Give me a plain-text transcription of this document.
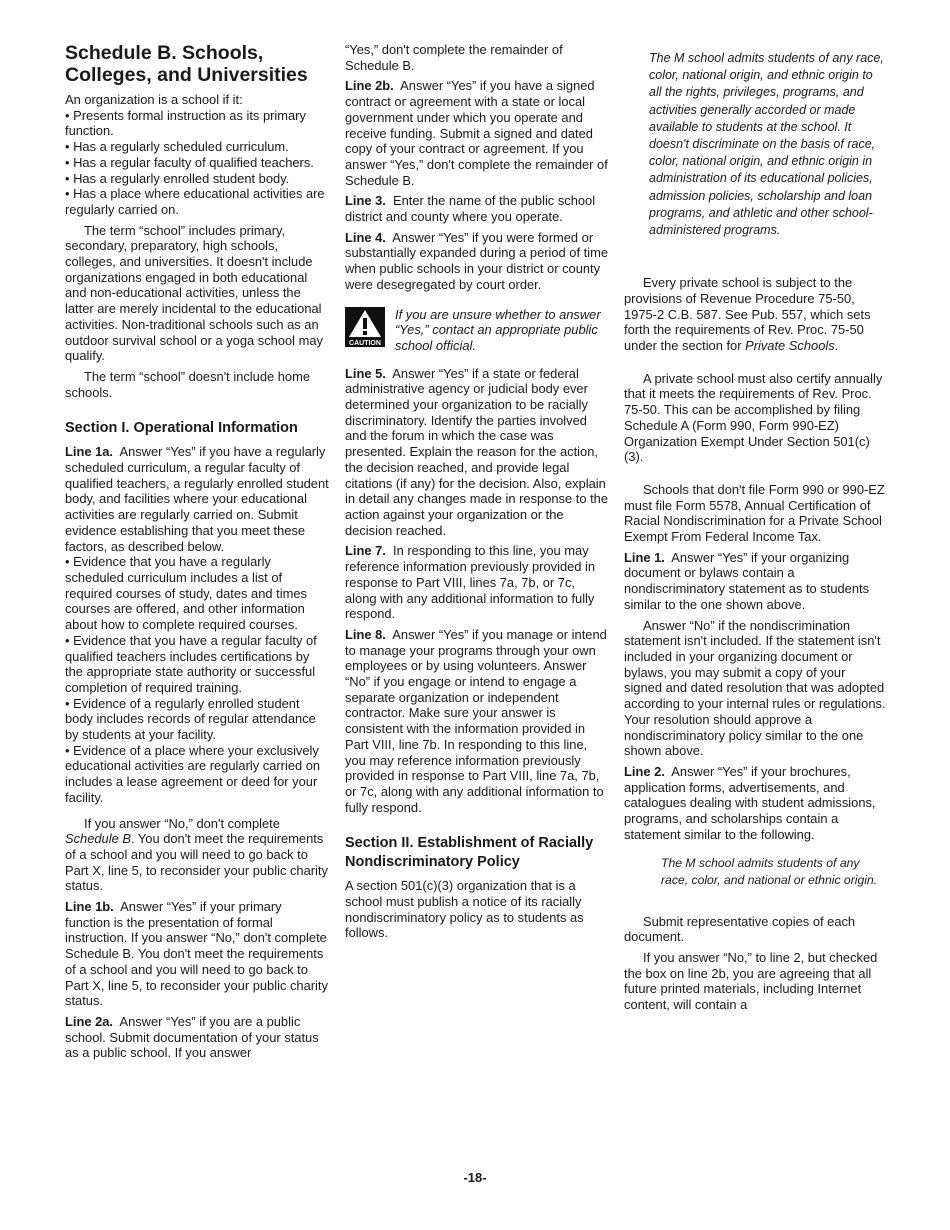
Schedule B. Schools, Colleges, and Universities

An organization is a school if it:

• Presents formal instruction as its primary function.
• Has a regularly scheduled curriculum.
• Has a regular faculty of qualified teachers.
• Has a regularly enrolled student body.
• Has a place where educational activities are regularly carried on.

The term “school” includes primary, secondary, preparatory, high schools, colleges, and universities. It doesn't include organizations engaged in both educational and non-educational activities, unless the latter are merely incidental to the educational activities. Non-traditional schools such as an outdoor survival school or a yoga school may qualify.

The term “school” doesn't include home schools.

Section I. Operational Information

Line 1a. Answer “Yes” if you have a regularly scheduled curriculum, a regular faculty of qualified teachers, a regularly enrolled student body, and facilities where your educational activities are regularly carried on. Submit evidence establishing that you meet these factors, as described below.

• Evidence that you have a regularly scheduled curriculum includes a list of required courses of study, dates and times courses are offered, and other information about how to complete required courses.
• Evidence that you have a regular faculty of qualified teachers includes certifications by the appropriate state authority or successful completion of required training.
• Evidence of a regularly enrolled student body includes records of regular attendance by students at your facility.
• Evidence of a place where your exclusively educational activities are regularly carried on includes a lease agreement or deed for your facility.

If you answer “No,” don't complete Schedule B. You don't meet the requirements of a school and you will need to go back to Part X, line 5, to reconsider your public charity status.

Line 1b. Answer “Yes” if your primary function is the presentation of formal instruction. If you answer “No,” don't complete Schedule B. You don't meet the requirements of a school and you will need to go back to Part X, line 5, to reconsider your public charity status.

Line 2a. Answer “Yes” if you are a public school. Submit documentation of your status as a public school. If you answer

“Yes,” don't complete the remainder of Schedule B.

Line 2b. Answer “Yes” if you have a signed contract or agreement with a state or local government under which you operate and receive funding. Submit a signed and dated copy of your contract or agreement. If you answer “Yes,” don't complete the remainder of Schedule B.

Line 3. Enter the name of the public school district and county where you operate.

Line 4. Answer “Yes” if you were formed or substantially expanded during a period of time when public schools in your district or county were desegregated by court order.

CAUTION
If you are unsure whether to answer “Yes,” contact an appropriate public school official.

Line 5. Answer “Yes” if a state or federal administrative agency or judicial body ever determined your organization to be racially discriminatory. Identify the parties involved and the forum in which the case was presented. Explain the reason for the action, the decision reached, and provide legal citations (if any) for the decision. Also, explain in detail any changes made in response to the action against your organization or the decision reached.

Line 7. In responding to this line, you may reference information previously provided in response to Part VIII, lines 7a, 7b, or 7c, along with any additional information to fully respond.

Line 8. Answer “Yes” if you manage or intend to manage your programs through your own employees or by using volunteers. Answer “No” if you engage or intend to engage a separate organization or independent contractor. Make sure your answer is consistent with the information provided in Part VIII, line 7b. In responding to this line, you may reference information previously provided in response to Part VIII, line 7a, 7b, or 7c, along with any additional information to fully respond.

Section II. Establishment of Racially Nondiscriminatory Policy

A section 501(c)(3) organization that is a school must publish a notice of its racially nondiscriminatory policy as to students as follows.

The M school admits students of any race, color, national origin, and ethnic origin to all the rights, privileges, programs, and activities generally accorded or made available to students at the school. It doesn't discriminate on the basis of race, color, national origin, and ethnic origin in administration of its educational policies, admission policies, scholarship and loan programs, and athletic and other school-administered programs.

Every private school is subject to the provisions of Revenue Procedure 75-50, 1975-2 C.B. 587. See Pub. 557, which sets forth the requirements of Rev. Proc. 75-50 under the section for Private Schools.

A private school must also certify annually that it meets the requirements of Rev. Proc. 75-50. This can be accomplished by filing Schedule A (Form 990, Form 990-EZ) Organization Exempt Under Section 501(c)(3).

Schools that don't file Form 990 or 990-EZ must file Form 5578, Annual Certification of Racial Nondiscrimination for a Private School Exempt From Federal Income Tax.

Line 1. Answer “Yes” if your organizing document or bylaws contain a nondiscriminatory statement as to students similar to the one shown above.

Answer “No” if the nondiscrimination statement isn't included. If the statement isn't included in your organizing document or bylaws, you may submit a copy of your signed and dated resolution that was adopted according to your internal rules or regulations. Your resolution should approve a nondiscriminatory policy similar to the one shown above.

Line 2. Answer “Yes” if your brochures, application forms, advertisements, and catalogues dealing with student admissions, programs, and scholarships contain a statement similar to the following.

The M school admits students of any race, color, and national or ethnic origin.

Submit representative copies of each document.

If you answer “No,” to line 2, but checked the box on line 2b, you are agreeing that all future printed materials, including Internet content, will contain a

-18-
